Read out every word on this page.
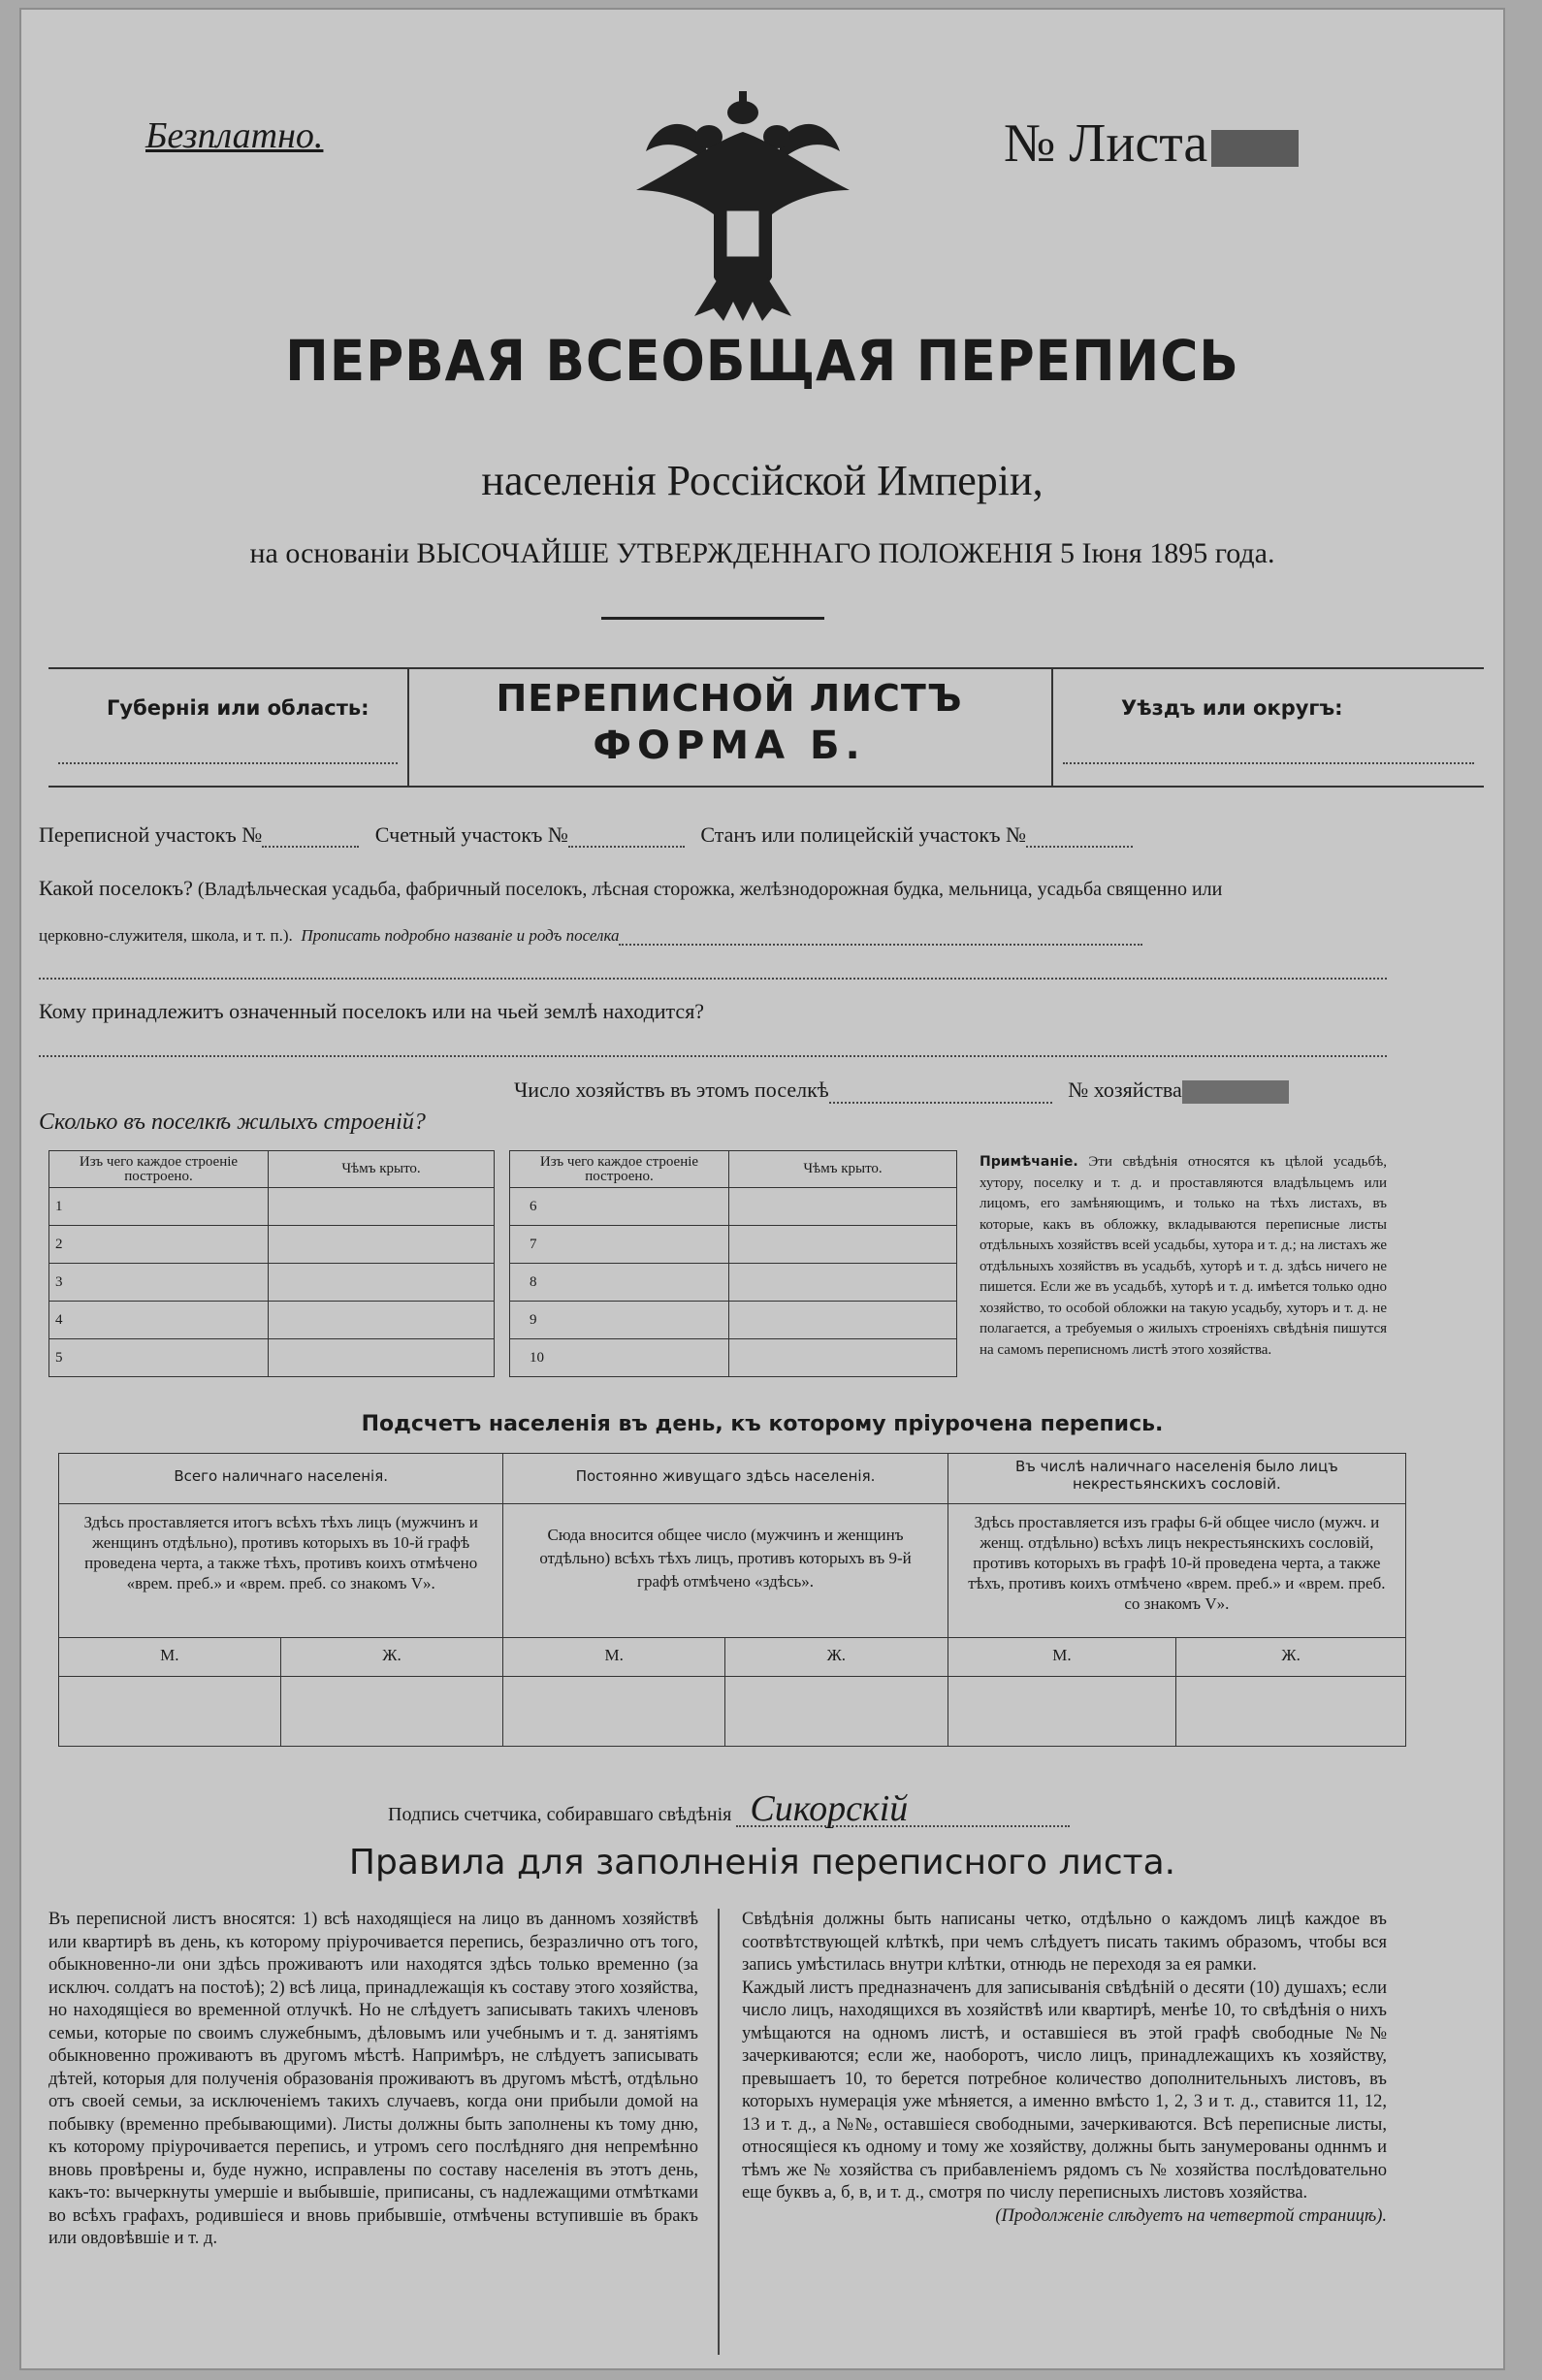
Безплатно.	№ Листа
ПЕРВАЯ ВСЕОБЩАЯ ПЕРЕПИСЬ
населенія Россійской Имперіи,
на основаніи ВЫСОЧАЙШЕ УТВЕРЖДЕННАГО ПОЛОЖЕНІЯ 5 Іюня 1895 года.
Губернія или область:	ПЕРЕПИСНОЙ ЛИСТЪ
ФОРМА Б.
Уѣздъ или округъ:
Переписной участокъ №	Счетный участокъ №	Станъ или полицейскій участокъ №
Какой поселокъ? (Владѣльческая усадьба, фабричный поселокъ, лѣсная сторожка, желѣзнодорожная будка, мельница, усадьба священно или
церковно-служителя, школа, и т. п.). Прописать подробно названіе и родъ поселка
Кому принадлежитъ означенный поселокъ или на чьей землѣ находится?
Число хозяйствъ въ этомъ поселкѣ	№ хозяйства
Сколько въ поселкѣ жилыхъ строеній?
Изъ чего каждое строеніе построено.	Чѣмъ крыто.
1	
2	
3	
4	
5	
Изъ чего каждое строеніе построено.	Чѣмъ крыто.
6	
7	
8	
9	
10	
Примѣчаніе. Эти свѣдѣнія относятся къ цѣлой усадьбѣ, хутору, поселку и т. д. и проставляются владѣльцемъ или лицомъ, его замѣняющимъ, и только на тѣхъ листахъ, въ которые, какъ въ обложку, вкладываются переписные листы отдѣльныхъ хозяйствъ всей усадьбы, хутора и т. д.; на листахъ же отдѣльныхъ хозяйствъ въ усадьбѣ, хуторѣ и т. д. здѣсь ничего не пишется. Если же въ усадьбѣ, хуторѣ и т. д. имѣется только одно хозяйство, то особой обложки на такую усадьбу, хуторъ и т. д. не полагается, а требуемыя о жилыхъ строеніяхъ свѣдѣнія пишутся на самомъ переписномъ листѣ этого хозяйства.
Подсчетъ населенія въ день, къ которому пріурочена перепись.
Всего наличнаго населенія.		Постоянно живущаго здѣсь населенія.		Въ числѣ наличнаго населенія было лицъ некрестьянскихъ сословій.	
Здѣсь проставляется итогъ всѣхъ тѣхъ лицъ (мужчинъ и женщинъ отдѣльно), противъ которыхъ въ 10-й графѣ проведена черта, а также тѣхъ, противъ коихъ отмѣчено «врем. преб.» и «врем. преб. со знакомъ V».		Сюда вносится общее число (мужчинъ и женщинъ отдѣльно) всѣхъ тѣхъ лицъ, противъ которыхъ въ 9-й графѣ отмѣчено «здѣсь».		Здѣсь проставляется изъ графы 6-й общее число (мужч. и женщ. отдѣльно) всѣхъ лицъ некрестьянскихъ сословій, противъ которыхъ въ графѣ 10-й проведена черта, а также тѣхъ, противъ коихъ отмѣчено «врем. преб.» и «врем. преб. со знакомъ V».	
М.	Ж.	М.	Ж.	М.	Ж.

Подпись счетчика, собиравшаго свѣдѣнія Сикорскій
Правила для заполненія переписного листа.
Въ переписной листъ вносятся: 1) всѣ находящіеся на лицо въ данномъ хозяйствѣ или квартирѣ въ день, къ которому пріурочивается перепись, безразлично отъ того, обыкновенно-ли они здѣсь проживаютъ или находятся здѣсь только временно (за исключ. солдатъ на постоѣ); 2) всѣ лица, принадлежащія къ составу этого хозяйства, но находящіеся во временной отлучкѣ. Но не слѣдуетъ записывать такихъ членовъ семьи, которые по своимъ служебнымъ, дѣловымъ или учебнымъ и т. д. занятіямъ обыкновенно проживаютъ въ другомъ мѣстѣ. Напримѣръ, не слѣдуетъ записывать дѣтей, которыя для полученія образованія проживаютъ въ другомъ мѣстѣ, отдѣльно отъ своей семьи, за исключеніемъ такихъ случаевъ, когда они прибыли домой на побывку (временно пребывающими). Листы должны быть заполнены къ тому дню, къ которому пріурочивается перепись, и утромъ сего послѣдняго дня непремѣнно вновь провѣрены и, буде нужно, исправлены по составу населенія въ этотъ день, какъ-то: вычеркнуты умершіе и выбывшіе, приписаны, съ надлежащими отмѣтками во всѣхъ графахъ, родившіеся и вновь прибывшіе, отмѣчены вступившіе въ бракъ или овдовѣвшіе и т. д.
Свѣдѣнія должны быть написаны четко, отдѣльно о каждомъ лицѣ каждое въ соотвѣтствующей клѣткѣ, при чемъ слѣдуетъ писать такимъ образомъ, чтобы вся запись умѣстилась внутри клѣтки, отнюдь не переходя за ея рамки.
Каждый листъ предназначенъ для записыванія свѣдѣній о десяти (10) душахъ; если число лицъ, находящихся въ хозяйствѣ или квартирѣ, менѣе 10, то свѣдѣнія о нихъ умѣщаются на одномъ листѣ, и оставшіеся въ этой графѣ свободные №№ зачеркиваются; если же, наоборотъ, число лицъ, принадлежащихъ къ хозяйству, превышаетъ 10, то берется потребное количество дополнительныхъ листовъ, въ которыхъ нумерація уже мѣняется, а именно вмѣсто 1, 2, 3 и т. д., ставится 11, 12, 13 и т. д., а №№, оставшіеся свободными, зачеркиваются. Всѣ переписные листы, относящіеся къ одному и тому же хозяйству, должны быть занумерованы одннмъ и тѣмъ же № хозяйства съ прибавленіемъ рядомъ съ № хозяйства послѣдовательно еще буквъ а, б, в, и т. д., смотря по числу переписныхъ листовъ хозяйства.
(Продолженіе слѣдуетъ на четвертой страницѣ).
